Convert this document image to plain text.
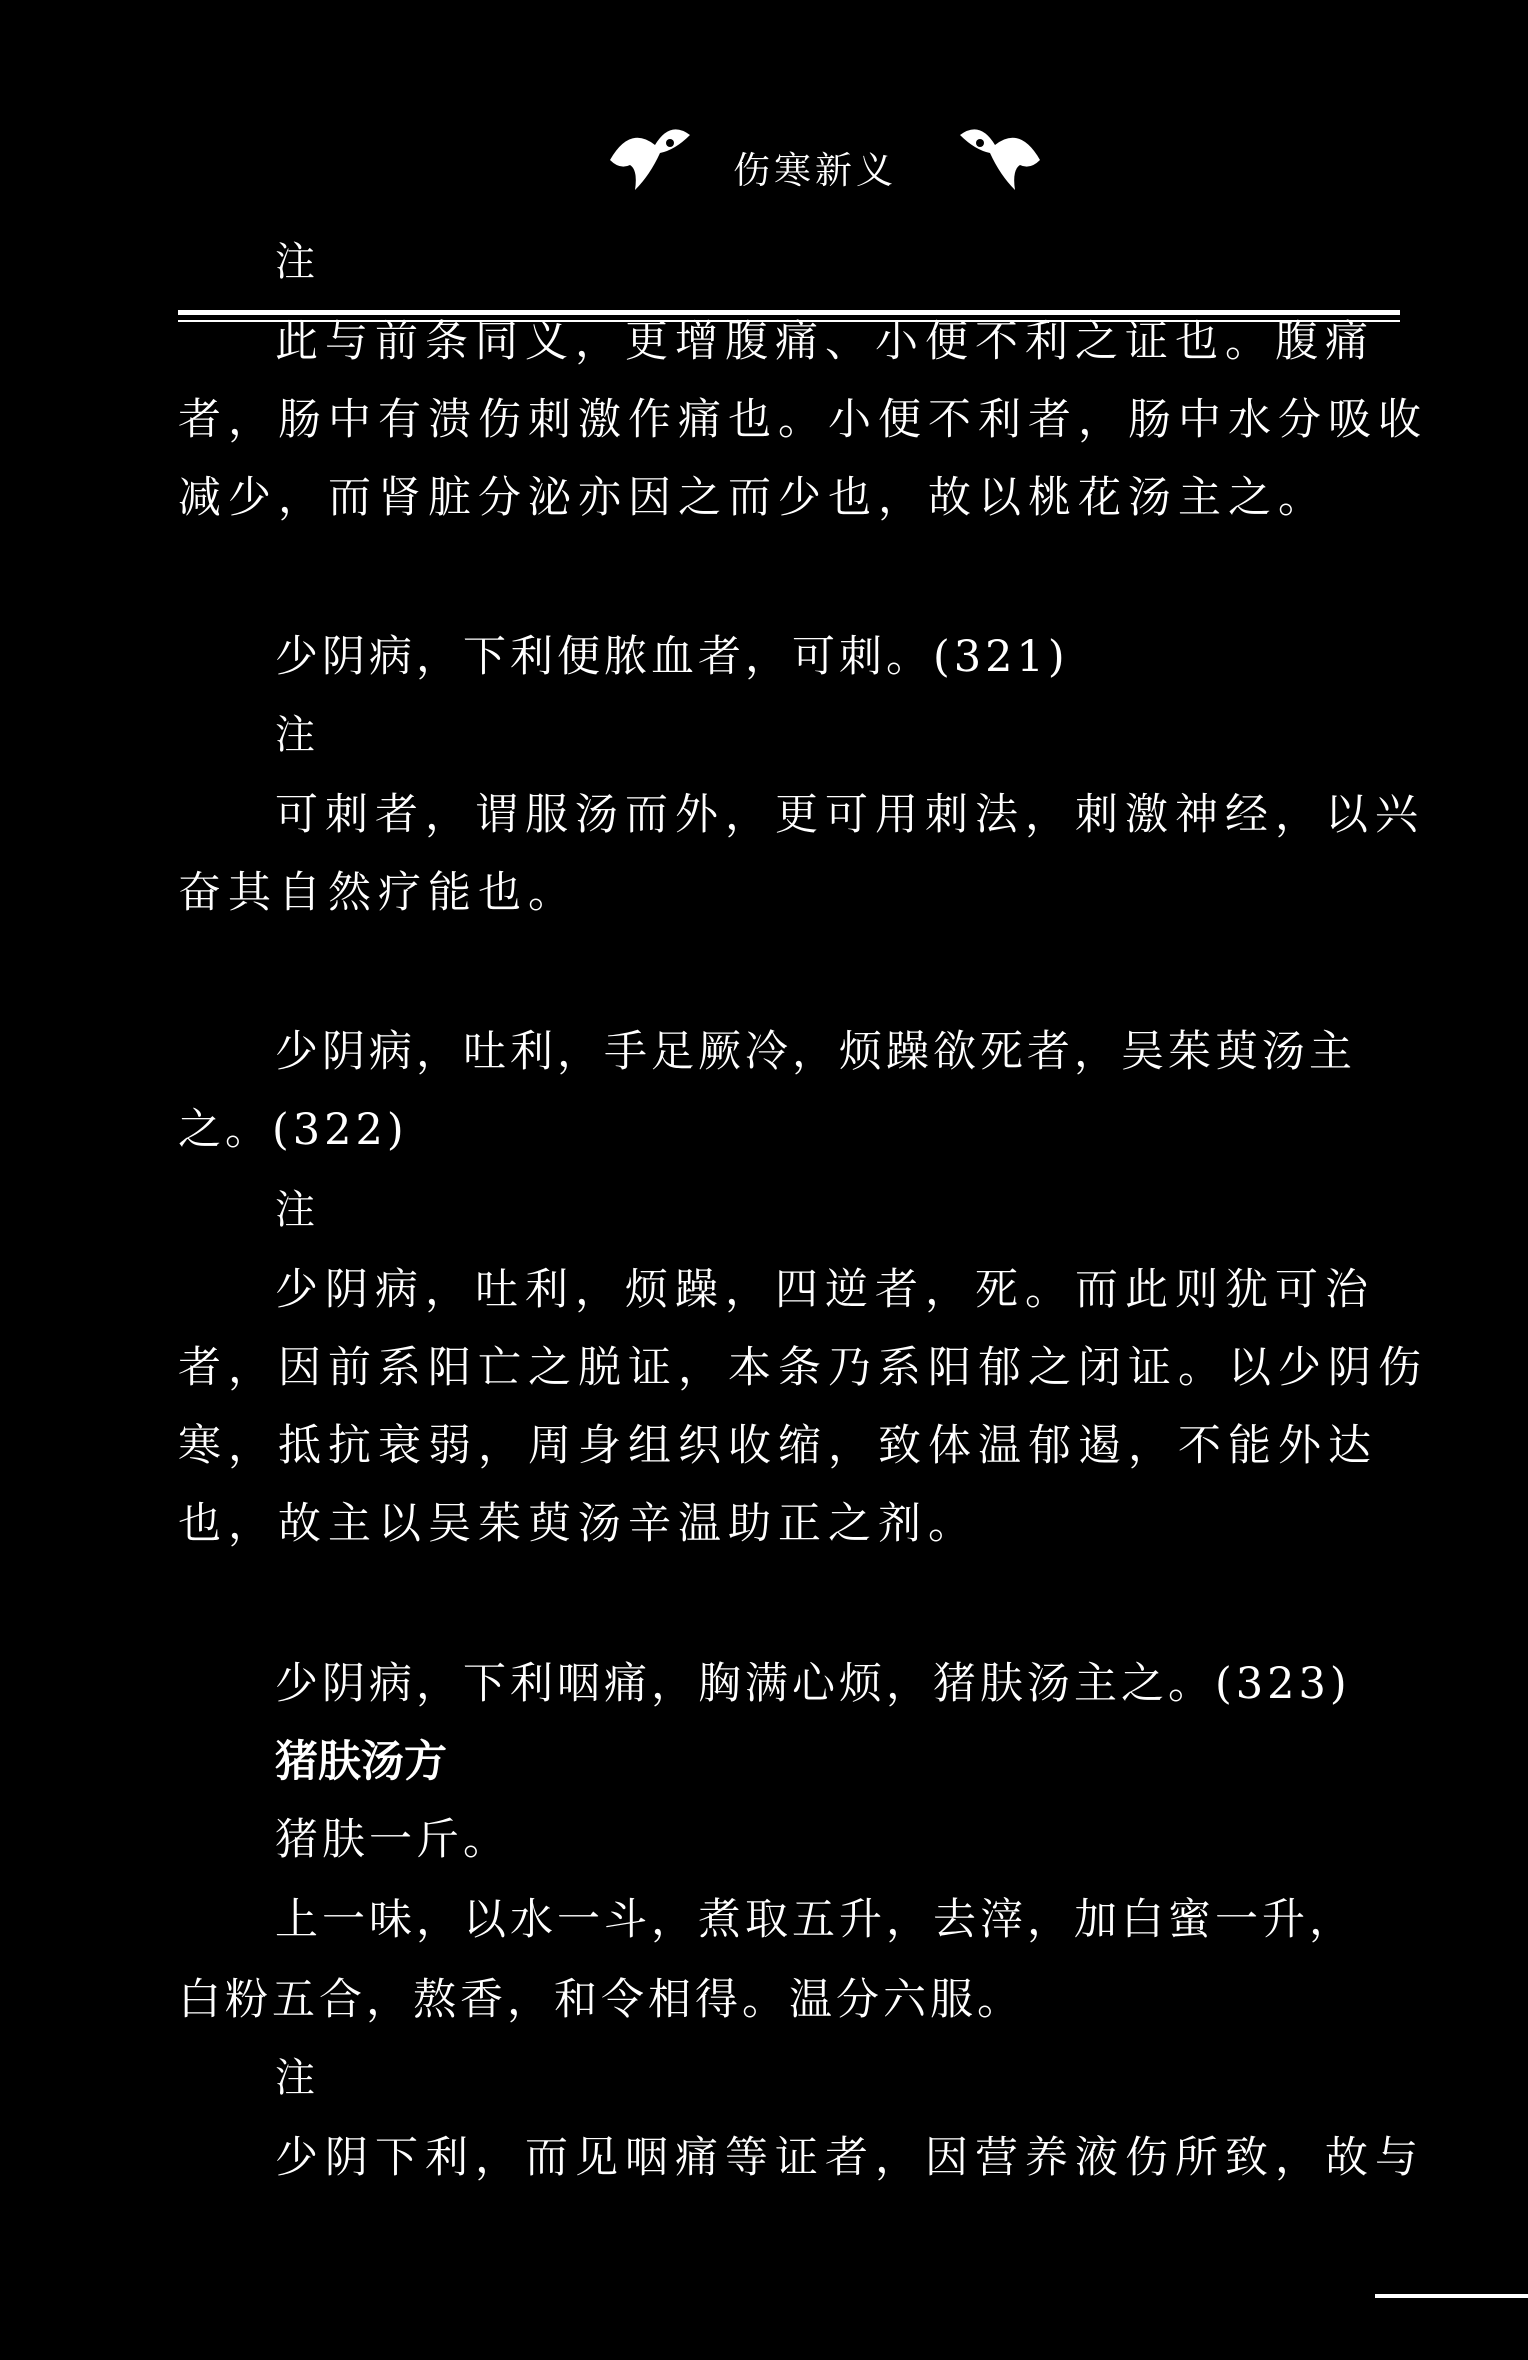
伤寒新义
注
此与前条同义，更增腹痛、小便不利之证也。腹痛
者，肠中有溃伤刺激作痛也。小便不利者，肠中水分吸收
减少，而肾脏分泌亦因之而少也，故以桃花汤主之。
少阴病，下利便脓血者，可刺。(321)
注
可刺者，谓服汤而外，更可用刺法，刺激神经，以兴
奋其自然疗能也。
少阴病，吐利，手足厥冷，烦躁欲死者，吴茱萸汤主
之。(322)
注
少阴病，吐利，烦躁，四逆者，死。而此则犹可治
者，因前系阳亡之脱证，本条乃系阳郁之闭证。以少阴伤
寒，抵抗衰弱，周身组织收缩，致体温郁遏，不能外达
也，故主以吴茱萸汤辛温助正之剂。
少阴病，下利咽痛，胸满心烦，猪肤汤主之。(323)
猪肤汤方
猪肤一斤。
上一味，以水一斗，煮取五升，去滓，加白蜜一升，
白粉五合，熬香，和令相得。温分六服。
注
少阴下利，而见咽痛等证者，因营养液伤所致，故与
